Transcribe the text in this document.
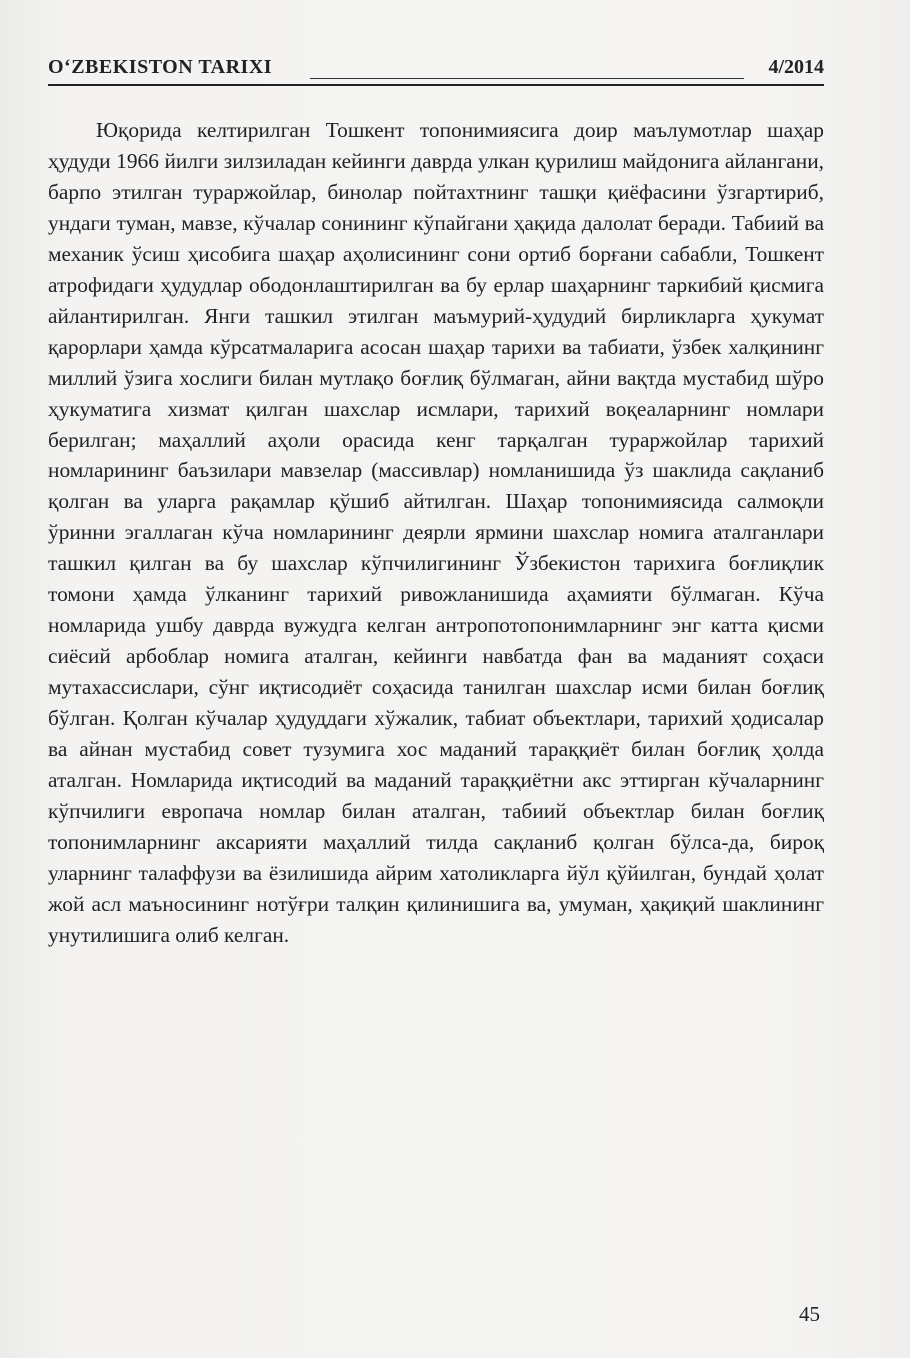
O‘ZBEKISTON TARIXI	4/2014

Юқорида келтирилган Тошкент топонимиясига доир маълумотлар шаҳар ҳудуди 1966 йилги зилзиладан кейинги даврда улкан қурилиш майдонига айлангани, барпо этилган тураржойлар, бинолар пойтахтнинг ташқи қиёфасини ўзгартириб, ундаги туман, мавзе, кўчалар сонининг кўпайгани ҳақида далолат беради. Табиий ва механик ўсиш ҳисобига шаҳар аҳолисининг сони ортиб борғани сабабли, Тошкент атрофидаги ҳудудлар ободонлаштирилган ва бу ерлар шаҳарнинг таркибий қисмига айлантирилган. Янги ташкил этилган маъмурий-ҳудудий бирликларга ҳукумат қарорлари ҳамда кўрсатмаларига асосан шаҳар тарихи ва табиати, ўзбек халқининг миллий ўзига хослиги билан мутлақо боғлиқ бўлмаган, айни вақтда мустабид шўро ҳукуматига хизмат қилган шахслар исмлари, тарихий воқеаларнинг номлари берилган; маҳаллий аҳоли орасида кенг тарқалган тураржойлар тарихий номларининг баъзилари мавзелар (массивлар) номланишида ўз шаклида сақланиб қолган ва уларга рақамлар қўшиб айтилган. Шаҳар топонимиясида салмоқли ўринни эгаллаган кўча номларининг деярли ярмини шахслар номига аталганлари ташкил қилган ва бу шахслар кўпчилигининг Ўзбекистон тарихига боғлиқлик томони ҳамда ўлканинг тарихий ривожланишида аҳамияти бўлмаган. Кўча номларида ушбу даврда вужудга келган антропотопонимларнинг энг катта қисми сиёсий арбоблар номига аталган, кейинги навбатда фан ва маданият соҳаси мутахассислари, сўнг иқтисодиёт соҳасида танилган шахслар исми билан боғлиқ бўлган. Қолган кўчалар ҳудуддаги хўжалик, табиат объектлари, тарихий ҳодисалар ва айнан мустабид совет тузумига хос маданий тараққиёт билан боғлиқ ҳолда аталган. Номларида иқтисодий ва маданий тараққиётни акс эттирган кўчаларнинг кўпчилиги европача номлар билан аталган, табиий объектлар билан боғлиқ топонимларнинг аксарияти маҳаллий тилда сақланиб қолган бўлса-да, бироқ уларнинг талаффузи ва ёзилишида айрим хатоликларга йўл қўйилган, бундай ҳолат жой асл маъносининг нотўғри талқин қилинишига ва, умуман, ҳақиқий шаклининг унутилишига олиб келган.

45
